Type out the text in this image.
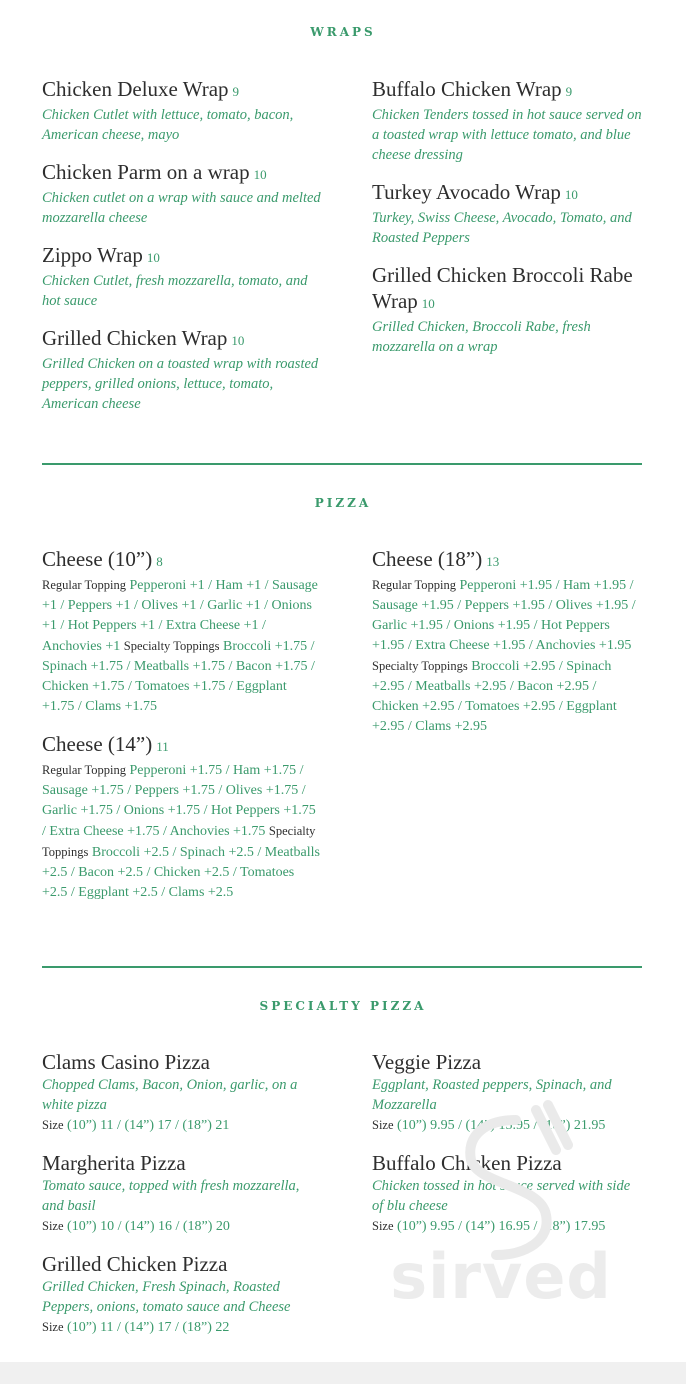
WRAPS
Chicken Deluxe Wrap 9
Chicken Cutlet with lettuce, tomato, bacon, American cheese, mayo
Chicken Parm on a wrap 10
Chicken cutlet on a wrap with sauce and melted mozzarella cheese
Zippo Wrap 10
Chicken Cutlet, fresh mozzarella, tomato, and hot sauce
Grilled Chicken Wrap 10
Grilled Chicken on a toasted wrap with roasted peppers, grilled onions, lettuce, tomato, American cheese
Buffalo Chicken Wrap 9
Chicken Tenders tossed in hot sauce served on a toasted wrap with lettuce tomato, and blue cheese dressing
Turkey Avocado Wrap 10
Turkey, Swiss Cheese, Avocado, Tomato, and Roasted Peppers
Grilled Chicken Broccoli Rabe Wrap 10
Grilled Chicken, Broccoli Rabe, fresh mozzarella on a wrap
PIZZA
Cheese (10”) 8
Regular Topping Pepperoni +1 / Ham +1 / Sausage +1 / Peppers +1 / Olives +1 / Garlic +1 / Onions +1 / Hot Peppers +1 / Extra Cheese +1 / Anchovies +1 Specialty Toppings Broccoli +1.75 / Spinach +1.75 / Meatballs +1.75 / Bacon +1.75 / Chicken +1.75 / Tomatoes +1.75 / Eggplant +1.75 / Clams +1.75
Cheese (14”) 11
Regular Topping Pepperoni +1.75 / Ham +1.75 / Sausage +1.75 / Peppers +1.75 / Olives +1.75 / Garlic +1.75 / Onions +1.75 / Hot Peppers +1.75 / Extra Cheese +1.75 / Anchovies +1.75 Specialty Toppings Broccoli +2.5 / Spinach +2.5 / Meatballs +2.5 / Bacon +2.5 / Chicken +2.5 / Tomatoes +2.5 / Eggplant +2.5 / Clams +2.5
Cheese (18”) 13
Regular Topping Pepperoni +1.95 / Ham +1.95 / Sausage +1.95 / Peppers +1.95 / Olives +1.95 / Garlic +1.95 / Onions +1.95 / Hot Peppers +1.95 / Extra Cheese +1.95 / Anchovies +1.95 Specialty Toppings Broccoli +2.95 / Spinach +2.95 / Meatballs +2.95 / Bacon +2.95 / Chicken +2.95 / Tomatoes +2.95 / Eggplant +2.95 / Clams +2.95
SPECIALTY PIZZA
Clams Casino Pizza
Chopped Clams, Bacon, Onion, garlic, on a white pizza
Size (10”) 11 / (14”) 17 / (18”) 21
Margherita Pizza
Tomato sauce, topped with fresh mozzarella, and basil
Size (10”) 10 / (14”) 16 / (18”) 20
Grilled Chicken Pizza
Grilled Chicken, Fresh Spinach, Roasted Peppers, onions, tomato sauce and Cheese
Size (10”) 11 / (14”) 17 / (18”) 22
Veggie Pizza
Eggplant, Roasted peppers, Spinach, and Mozzarella
Size (10”) 9.95 / (14”) 15.95 / (18”) 21.95
Buffalo Chicken Pizza
Chicken tossed in hot sauce served with side of blu cheese
Size (10”) 9.95 / (14”) 16.95 / (18”) 17.95
sirved
